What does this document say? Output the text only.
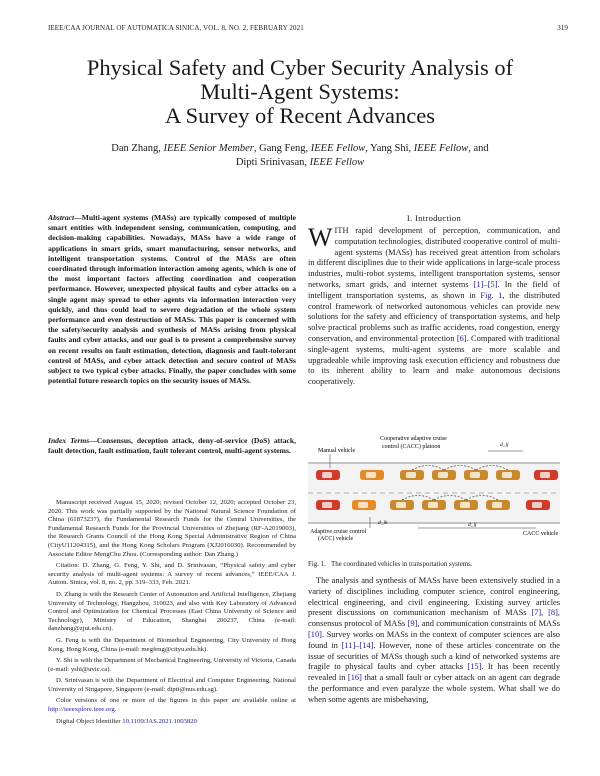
IEEE/CAA JOURNAL OF AUTOMATICA SINICA, VOL. 8, NO. 2, FEBRUARY 2021	319
Physical Safety and Cyber Security Analysis of
Multi-Agent Systems:
A Survey of Recent Advances
Dan Zhang, IEEE Senior Member, Gang Feng, IEEE Fellow, Yang Shi, IEEE Fellow, and
Dipti Srinivasan, IEEE Fellow
Abstract—Multi-agent systems (MASs) are typically composed of multiple smart entities with independent sensing, communication, computing, and decision-making capabilities. Nowadays, MASs have a wide range of applications in smart grids, smart manufacturing, sensor networks, and intelligent transportation systems. Control of the MASs are often coordinated through information interaction among agents, which is one of the most important factors affecting coordination and cooperation performance. However, unexpected physical faults and cyber attacks on a single agent may spread to other agents via information interaction very quickly, and thus could lead to severe degradation of the whole system performance and even destruction of MASs. This paper is concerned with the safety/security analysis and synthesis of MASs arising from physical faults and cyber attacks, and our goal is to present a comprehensive survey on recent results on fault estimation, detection, diagnosis and fault-tolerant control of MASs, and cyber attack detection and secure control of MASs subject to two typical cyber attacks. Finally, the paper concludes with some potential future research topics on the security issues of MASs.
Index Terms—Consensus, deception attack, deny-of-service (DoS) attack, fault detection, fault estimation, fault tolerant control, multi-agent systems.

Manuscript received August 15, 2020; revised October 12, 2020; accepted October 23, 2020. This work was partially supported by the National Natural Science Foundation of China (61873237), the Fundamental Research Funds for the Central Universities, the Fundamental Research Funds for the Provincial Universities of Zhejiang (RF-A2019003), the Research Grants Council of the Hong Kong Special Administrative Region of China (CityU11204315), and the Hong Kong Scholars Program (XJ2016030). Recommended by Associate Editor MengChu Zhou. (Corresponding author: Dan Zhang.)

Citation: D. Zhang, G. Feng, Y. Shi, and D. Srinivasan, “Physical safety and cyber security analysis of multi-agent systems: A survey of recent advances,” IEEE/CAA J. Autom. Sinica, vol. 8, no. 2, pp. 319–333, Feb. 2021.

D. Zhang is with the Research Center of Automation and Artificial Intelligence, Zhejiang University of Technology, Hangzhou, 310023, and also with Key Laboratory of Advanced Control and Optimization for Chemical Processes (East China University of Science and Technology), Ministry of Education, Shanghai 200237, China (e-mail: danzhang@zjut.edu.cn).

G. Feng is with the Department of Biomedical Engineering, City University of Hong Kong, Hong Kong, China (e-mail: megfeng@cityu.edu.hk).

Y. Shi is with the Department of Mechanical Engineering, University of Victoria, Canada (e-mail: yshi@uvic.ca).

D. Srinivasan is with the Department of Electrical and Computer Engineering, National University of Singapore, Singapore (e-mail: dipti@nus.edu.sg).

Color versions of one or more of the figures in this paper are available online at http://ieeexplore.ieee.org.

Digital Object Identifier 10.1109/JAS.2021.1003820

I. Introduction

WITH rapid development of perception, communication, and computation technologies, distributed cooperative control of multi-agent systems (MASs) has received great attention from scholars in different disciplines due to their wide applications in large-scale process industries, multi-robot systems, intelligent transportation systems, sensor networks, smart grids, and internet systems [1]–[5]. In the field of intelligent transportation systems, as shown in Fig. 1, the distributed control framework of networked autonomous vehicles can provide new solutions for the safety and efficiency of transportation systems, and help solve practical problems such as traffic accidents, road congestion, energy conservation, and environmental protection [6]. Compared with traditional single-agent systems, multi-agent systems are more scalable and upgradeable while improving task execution efficiency and robustness due to its inherent ability to learn and make autonomous decisions cooperatively.

Manual vehicle
Cooperative adaptive cruise
control (CACC) platoon	d_ij
Adaptive cruise control
(ACC) vehicle
d_ik	d_ij
CACC vehicle
Fig. 1. The coordinated vehicles in transportation systems.

The analysis and synthesis of MASs have been extensively studied in a variety of disciplines including computer science, control engineering, electrical engineering, and civil engineering. Existing survey articles present discussions on communication mechanism of MASs [7], [8], consensus protocol of MASs [9], and communication constraints of MASs [10]. Survey works on MASs in the context of computer sciences are also found in [11]–[14]. However, none of these articles concentrate on the issue of securities of MASs though such a kind of networked systems are fragile to physical faults and cyber attacks [15]. It has been recently revealed in [16] that a small fault or cyber attack on an agent can degrade the performance and even paralyze the whole system. What shall we do when some agents are misbehaving,
